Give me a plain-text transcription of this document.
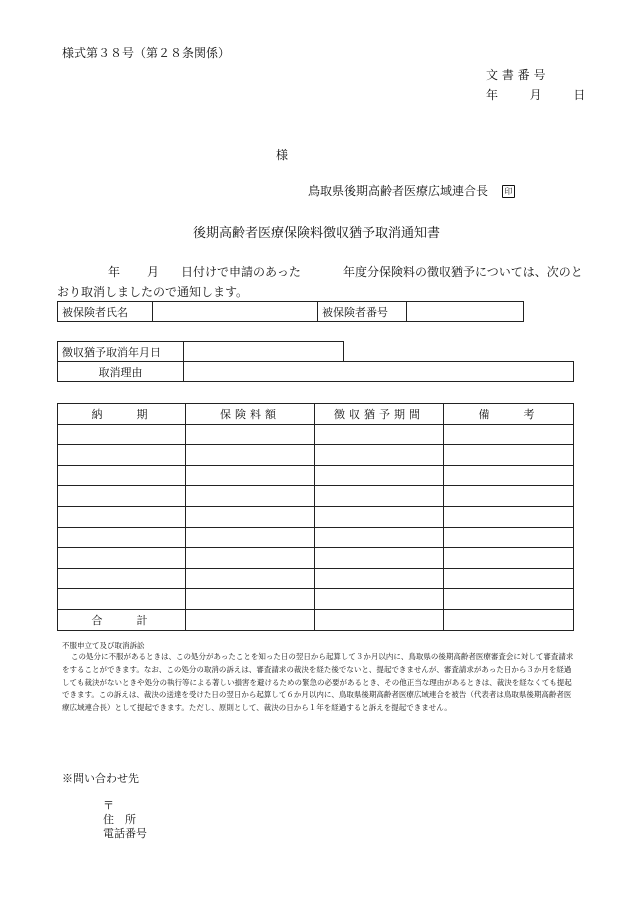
様式第３８号（第２８条関係）
文 書 番 号
年	月	日
様
鳥取県後期高齢者医療広域連合長 印
後期高齢者医療保険料徴収猶予取消通知書
年 月 日付けで申請のあった	年度分保険料の徴収猶予については、次のと
おり取消しましたので通知します。
被保険者氏名		被保険者番号	
徴収猶予取消年月日		
取消理由		
納　　期	保険料額	徴収猶予期間	備　　考

合　　計			
不服申立て及び取消訴訟

この処分に不服があるときは、この処分があったことを知った日の翌日から起算して３か月以内に、鳥取県の後期高齢者医療審査会に対して審査請求をすることができます。なお、この処分の取消の訴えは、審査請求の裁決を経た後でないと、提起できませんが、審査請求があった日から３か月を経過しても裁決がないときや処分の執行等による著しい損害を避けるための緊急の必要があるとき、その他正当な理由があるときは、裁決を経なくても提起できます。この訴えは、裁決の送達を受けた日の翌日から起算して６か月以内に、鳥取県後期高齢者医療広域連合を被告（代表者は鳥取県後期高齢者医療広域連合長）として提起できます。ただし、原則として、裁決の日から１年を経過すると訴えを提起できません。

※問い合わせ先
〒
住　所
電話番号
